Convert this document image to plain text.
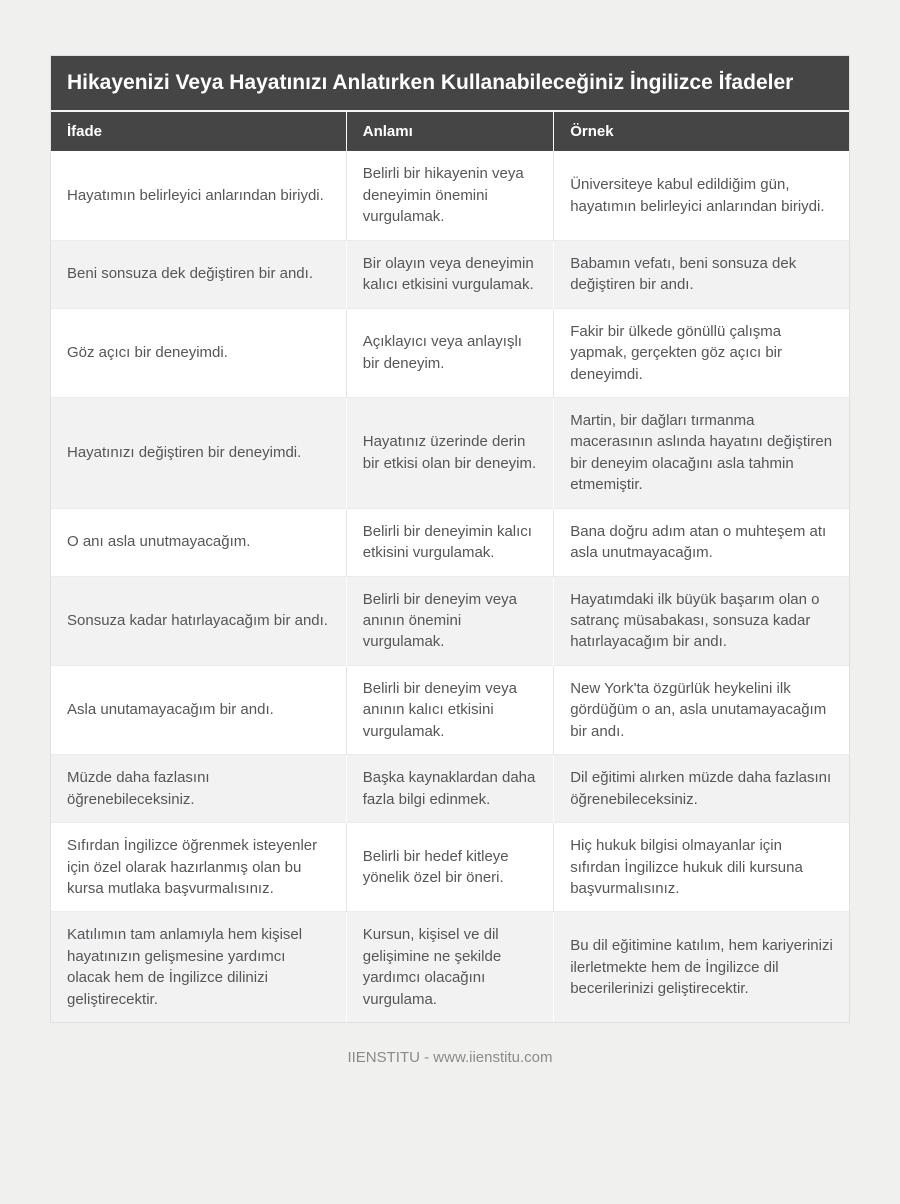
Hikayenizi Veya Hayatınızı Anlatırken Kullanabileceğiniz İngilizce İfadeler
İfade	Anlamı	Örnek
Hayatımın belirleyici anlarından biriydi.	Belirli bir hikayenin veya deneyimin önemini vurgulamak.	Üniversiteye kabul edildiğim gün, hayatımın belirleyici anlarından biriydi.
Beni sonsuza dek değiştiren bir andı.	Bir olayın veya deneyimin kalıcı etkisini vurgulamak.	Babamın vefatı, beni sonsuza dek değiştiren bir andı.
Göz açıcı bir deneyimdi.	Açıklayıcı veya anlayışlı bir deneyim.	Fakir bir ülkede gönüllü çalışma yapmak, gerçekten göz açıcı bir deneyimdi.
Hayatınızı değiştiren bir deneyimdi.	Hayatınız üzerinde derin bir etkisi olan bir deneyim.	Martin, bir dağları tırmanma macerasının aslında hayatını değiştiren bir deneyim olacağını asla tahmin etmemiştir.
O anı asla unutmayacağım.	Belirli bir deneyimin kalıcı etkisini vurgulamak.	Bana doğru adım atan o muhteşem atı asla unutmayacağım.
Sonsuza kadar hatırlayacağım bir andı.	Belirli bir deneyim veya anının önemini vurgulamak.	Hayatımdaki ilk büyük başarım olan o satranç müsabakası, sonsuza kadar hatırlayacağım bir andı.
Asla unutamayacağım bir andı.	Belirli bir deneyim veya anının kalıcı etkisini vurgulamak.	New York'ta özgürlük heykelini ilk gördüğüm o an, asla unutamayacağım bir andı.
Müzde daha fazlasını öğrenebileceksiniz.	Başka kaynaklardan daha fazla bilgi edinmek.	Dil eğitimi alırken müzde daha fazlasını öğrenebileceksiniz.
Sıfırdan İngilizce öğrenmek isteyenler için özel olarak hazırlanmış olan bu kursa mutlaka başvurmalısınız.	Belirli bir hedef kitleye yönelik özel bir öneri.	Hiç hukuk bilgisi olmayanlar için sıfırdan İngilizce hukuk dili kursuna başvurmalısınız.
Katılımın tam anlamıyla hem kişisel hayatınızın gelişmesine yardımcı olacak hem de İngilizce dilinizi geliştirecektir.	Kursun, kişisel ve dil gelişimine ne şekilde yardımcı olacağını vurgulama.	Bu dil eğitimine katılım, hem kariyerinizi ilerletmekte hem de İngilizce dil becerilerinizi geliştirecektir.
IIENSTITU - www.iienstitu.com
